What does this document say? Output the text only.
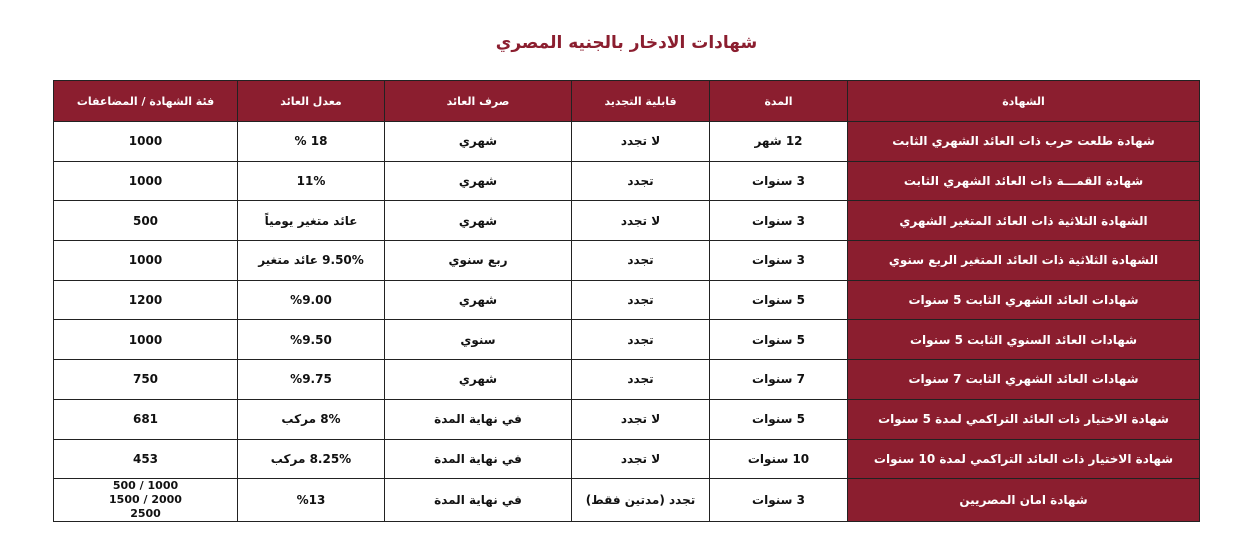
شهادات الادخار بالجنيه المصري
الشهادة	المدة	قابلية التجديد	صرف العائد	معدل العائد	فئة الشهادة / المضاعفات
شهادة طلعت حرب ذات العائد الشهري الثابت	12 شهر	لا تجدد	شهري	18 %	1000
شهادة القمـــة ذات العائد الشهري الثابت	3 سنوات	تجدد	شهري	11%	1000
الشهادة الثلاثية ذات العائد المتغير الشهري	3 سنوات	لا تجدد	شهري	عائد متغير يومياً	500
الشهادة الثلاثية ذات العائد المتغير الربع سنوي	3 سنوات	تجدد	ربع سنوي	9.50% عائد متغير	1000
شهادات العائد الشهري الثابت 5 سنوات	5 سنوات	تجدد	شهري	%9.00	1200
شهادات العائد السنوي الثابت 5 سنوات	5 سنوات	تجدد	سنوي	%9.50	1000
شهادات العائد الشهري الثابت 7 سنوات	7 سنوات	تجدد	شهري	%9.75	750
شهادة الاختيار ذات العائد التراكمي لمدة 5 سنوات	5 سنوات	لا تجدد	في نهاية المدة	8% مركب	681
شهادة الاختيار ذات العائد التراكمي لمدة 10 سنوات	10 سنوات	لا تجدد	في نهاية المدة	8.25% مركب	453
شهادة امان المصريين	3 سنوات	تجدد (مدتين فقط)	في نهاية المدة	%13	1000 / 500
2000 / 1500
2500
